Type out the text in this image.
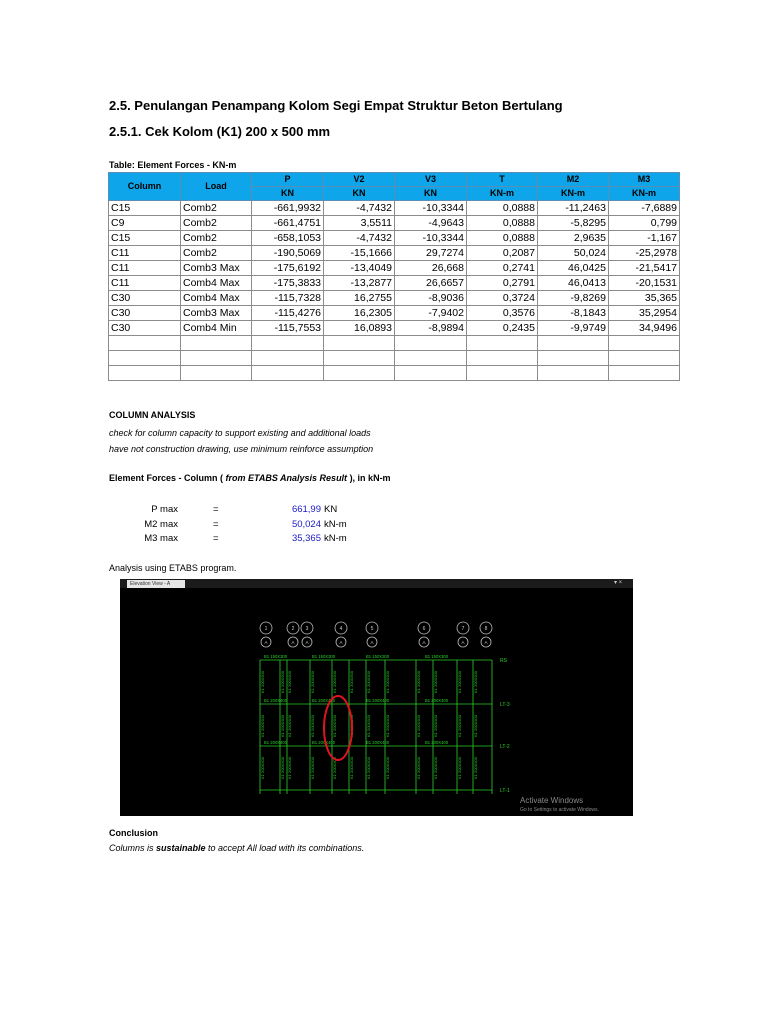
2.5. Penulangan Penampang Kolom Segi Empat Struktur Beton Bertulang
2.5.1. Cek Kolom (K1) 200 x 500 mm
Table: Element Forces - KN-m
Column	Load	P	V2	V3	T	M2	M3
		KN	KN	KN	KN-m	KN-m	KN-m
C15	Comb2	-661,9932	-4,7432	-10,3344	0,0888	-11,2463	-7,6889
C9	Comb2	-661,4751	3,5511	-4,9643	0,0888	-5,8295	0,799
C15	Comb2	-658,1053	-4,7432	-10,3344	0,0888	2,9635	-1,167
C11	Comb2	-190,5069	-15,1666	29,7274	0,2087	50,024	-25,2978
C11	Comb3 Max	-175,6192	-13,4049	26,668	0,2741	46,0425	-21,5417
C11	Comb4 Max	-175,3833	-13,2877	26,6657	0,2791	46,0413	-20,1531
C30	Comb4 Max	-115,7328	16,2755	-8,9036	0,3724	-9,8269	35,365
C30	Comb3 Max	-115,4276	16,2305	-7,9402	0,3576	-8,1843	35,2954
C30	Comb4 Min	-115,7553	16,0893	-8,9894	0,2435	-9,9749	34,9496

COLUMN ANALYSIS
check for column capacity to support existing and additional loads
have not construction drawing, use minimum reinforce assumption
Element Forces - Column ( from ETABS Analysis Result ), in kN-m
P max	=	661,99 KN
M2 max	=	50,024 kN-m
M3 max	=	35,365 kN-m
Analysis using ETABS program.
Elevation View - A	▾ ×
1
A
2
A
3
A
4
A
5
A
6
A
7
A
8
A
B1 150X300	B1 150X300	B1 150X300	B1 150X300
B1 200X400	B1 200X400	B1 200X400	B1 200X400
B1 200X400	B1 200X400	B1 200X400	B1 200X400
K1 200X500
K1 200X500
K1 200X500
K1 200X500
K1 200X500
K1 200X500
K1 200X500
K1 200X500
K1 200X500
K1 200X500
K1 200X500
K1 200X500
K1 200X500
K1 200X500
K1 200X500
K1 200X500
K1 200X500
K1 200X500
K1 200X500
K1 200X500
K1 200X500
K1 200X500
K1 200X500
K1 200X500
K1 200X500
K1 200X500
K1 200X500
K1 200X500
K1 200X500
K1 200X500
K1 200X500
K1 200X500
K1 200X500
K1 200X500
K1 200X500
K1 200X500
RS
LT-3
LT-2
LT-1
Activate Windows
Go to Settings to activate Windows.
Conclusion
Columns is sustainable to accept All load with its combinations.
